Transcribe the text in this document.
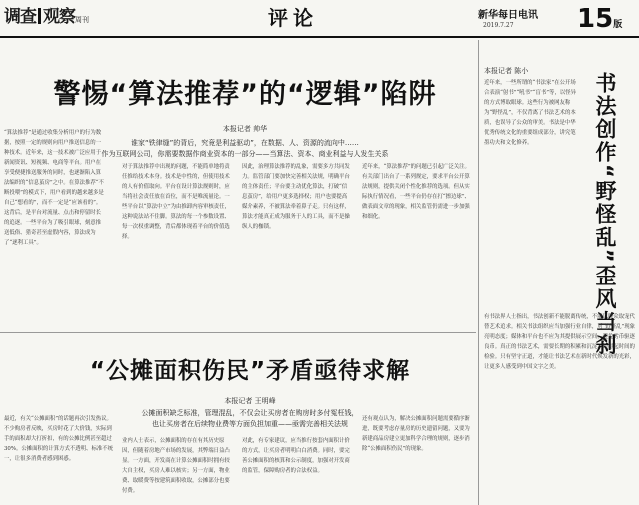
调查 观察周刊	评论	新华每日电讯
2019.7.27 15版
警惕“算法推荐”的“逻辑”陷阱
本报记者 帅华
谁家“铁律缝”的背后，究竟是利益驱动”，在数据、人、资源的流向中……
作为互联网公司，你需要数据作商业资本的一部分——当算法、资本、商业利益与人发生关系
“算法推荐”是通过收集分析用户的行为数据，按照一定的规则向用户推送信息的一种技术。近年来，这一技术被广泛应用于新闻资讯、短视频、电商等平台。用户在享受便捷推送服务的同时，也逐渐陷入算法编织的“信息茧房”之中。在算法推荐“不断投喂”的模式下，用户看到的越来越多是自己“想看的”，而不一定是“应该看的”。这背后，是平台对流量、点击和停留时长的追逐。一些平台为了吸引眼球，刻意推送低俗、猎奇甚至虚假内容，算法成为了“逐利工具”。
对于算法推荐中出现的问题，不能简单地将责任推给技术本身。技术是中性的，但使用技术的人有价值取向。平台在设计算法规则时，应当将社会责任放在首位，而不是唯流量论。一些平台以“算法中立”为由推卸内容审核责任，这种说法站不住脚。算法的每一个参数设置、每一次权重调整，背后都体现着平台的价值选择。
因此，治理算法推荐的乱象，需要多方共同发力。监管部门要加快完善相关法规，明确平台的主体责任；平台要主动优化算法，打破“信息茧房”，给用户更多选择权；用户也要提高媒介素养，不被算法牵着鼻子走。只有这样，算法才能真正成为服务于人的工具，而不是操纵人的枷锁。
近年来，“算法推荐”的问题已引起广泛关注。有关部门出台了一系列规定，要求平台公开算法规则，提供关闭个性化推荐的选项。但从实际执行情况看，一些平台仍存在打“擦边球”、做表面文章的现象，相关监管仍需进一步加强和细化。
“公摊面积伤民”矛盾亟待求解
本报记者 王明峰
公摊面积缺乏标准，管理混乱，不仅会让买房者在购房时多付冤枉钱，
也让买房者在后续物业费等方面负担加重——亟需完善相关法规
最近，有关“公摊面积”的话题再次引发热议。不少购房者反映，买房时花了大价钱，实际到手的面积却大打折扣，有的公摊比例甚至超过30%。公摊面积的计算方式不透明、标准不统一，让很多消费者感到困惑。
业内人士表示，公摊面积的存在有其历史原因，但随着房地产市场的发展，其弊端日益凸显。一方面，开发商在计算公摊面积时拥有较大自主权，买房人难以核实；另一方面，物业费、取暖费等按建筑面积收取，公摊部分也要付费。
对此，有专家建议，应当推行按套内面积计价的方式，让买房者明明白白消费。同时，要完善公摊面积的核算和公示制度，加强对开发商的监管，保障购房者的合法权益。
还有观点认为，解决公摊面积问题需要循序渐进，既要考虑存量房的历史遗留问题，又要为新建商品房建立更加科学合理的规则，逐步消除“公摊面积伤民”的现象。
本报记者 陈小
近年来，一些所谓的“书法家”在公开场合表演“射书”“吼书”“盲书”等，以怪异的方式博取眼球。这些行为被网友称为“野怪乱”，不仅背离了书法艺术的本质，也误导了公众的审美。书法是中华优秀传统文化的重要组成部分，讲究笔墨功夫和文化修养。	书法创作“野怪乱”歪风当刹
有书法界人士指出，书法创新不能脱离传统，不能以哗众取宠代替艺术追求。相关书法组织应当加强行业自律，对“野怪乱”现象亮明态度；媒体和平台也不应为其提供展示空间，避免劣币驱逐良币。真正的书法艺术，需要长期的积累和沉淀，经得起时间的检验。只有坚守正道，才能让书法艺术在新时代焕发新的光彩，让更多人感受到中国文字之美。
